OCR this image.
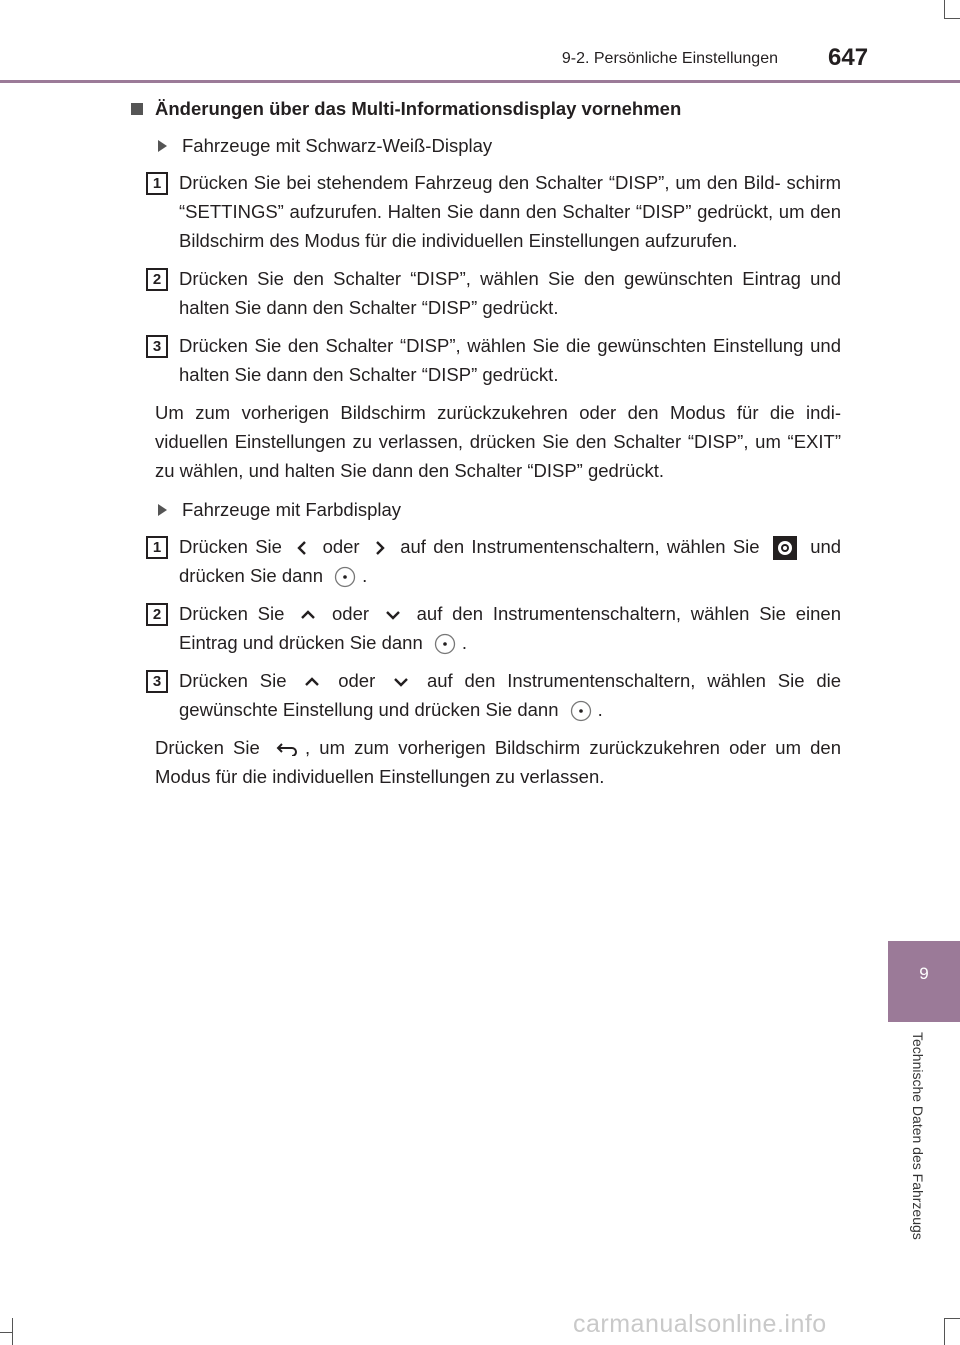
9-2. Persönliche Einstellungen 647
9
Technische Daten des Fahrzeugs
Änderungen über das Multi-Informationsdisplay vornehmen
Fahrzeuge mit Schwarz-Weiß-Display
1 Drücken Sie bei stehendem Fahrzeug den Schalter “DISP”, um den Bild- schirm “SETTINGS” aufzurufen. Halten Sie dann den Schalter “DISP” gedrückt, um den Bildschirm des Modus für die individuellen Einstellungen aufzurufen.
2 Drücken Sie den Schalter “DISP”, wählen Sie den gewünschten Eintrag und halten Sie dann den Schalter “DISP” gedrückt.
3 Drücken Sie den Schalter “DISP”, wählen Sie die gewünschten Einstellung und halten Sie dann den Schalter “DISP” gedrückt.
Um zum vorherigen Bildschirm zurückzukehren oder den Modus für die indi- viduellen Einstellungen zu verlassen, drücken Sie den Schalter “DISP”, um “EXIT” zu wählen, und halten Sie dann den Schalter “DISP” gedrückt.
Fahrzeuge mit Farbdisplay
1 Drücken Sie oder auf den Instrumentenschaltern, wählen Sie	und drücken Sie dann .
2 Drücken Sie	oder	auf den Instrumentenschaltern, wählen Sie einen Eintrag und drücken Sie dann .
3 Drücken Sie	oder	auf den Instrumentenschaltern, wählen Sie die gewünschte Einstellung und drücken Sie dann .
Drücken Sie , um zum vorherigen Bildschirm zurückzukehren oder um den Modus für die individuellen Einstellungen zu verlassen.
carmanualsonline.info
